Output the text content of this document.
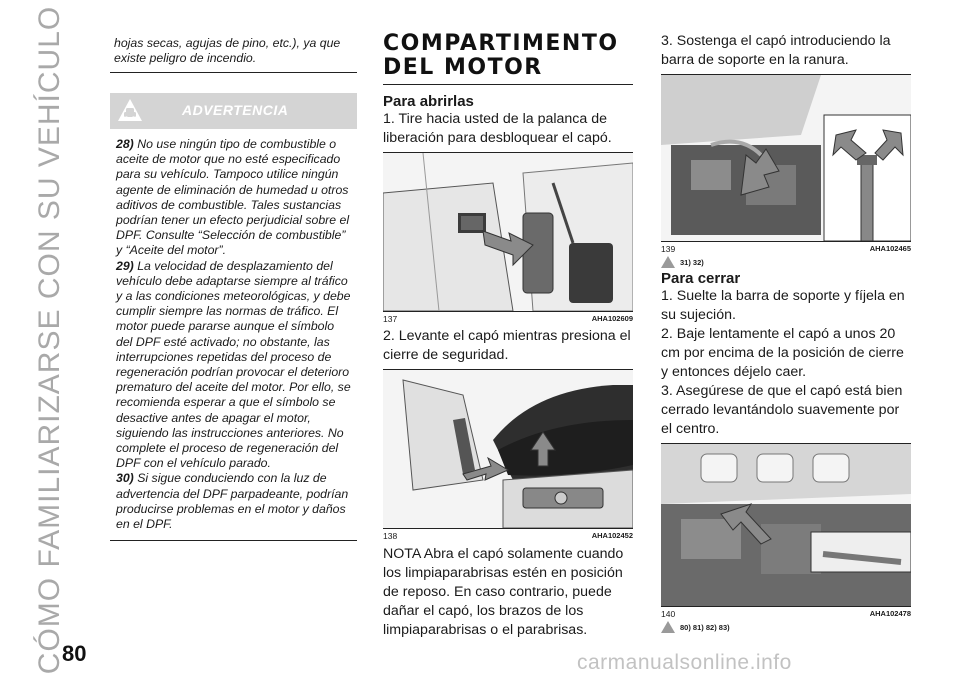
CÓMO FAMILIARIZARSE CON SU VEHÍCULO
80	carmanualsonline.info
hojas secas, agujas de pino, etc.), ya que existe peligro de incendio.
ADVERTENCIA

28) No use ningún tipo de combustible o aceite de motor que no esté especificado para su vehículo. Tampoco utilice ningún agente de eliminación de humedad u otros aditivos de combustible. Tales sustancias podrían tener un efecto perjudicial sobre el DPF. Consulte “Selección de combustible” y “Aceite del motor”.

29) La velocidad de desplazamiento del vehículo debe adaptarse siempre al tráfico y a las condiciones meteorológicas, y debe cumplir siempre las normas de tráfico. El motor puede pararse aunque el símbolo del DPF esté activado; no obstante, las interrupciones repetidas del proceso de regeneración podrían provocar el deterioro prematuro del aceite del motor. Por ello, se recomienda esperar a que el símbolo se desactive antes de apagar el motor, siguiendo las instrucciones anteriores. No complete el proceso de regeneración del DPF con el vehículo parado.

30) Si sigue conduciendo con la luz de advertencia del DPF parpadeante, podrían producirse problemas en el motor y daños en el DPF.

COMPARTIMENTO
DEL MOTOR
Para abrirlas

1. Tire hacia usted de la palanca de liberación para desbloquear el capó.

137	AHA102609

2. Levante el capó mientras presiona el cierre de seguridad.

138	AHA102452

NOTA Abra el capó solamente cuando los limpiaparabrisas estén en posición de reposo. En caso contrario, puede dañar el capó, los brazos de los limpiaparabrisas o el parabrisas.

3. Sostenga el capó introduciendo la barra de soporte en la ranura.

139	AHA102465
31) 32)
Para cerrar

1. Suelte la barra de soporte y fíjela en su sujeción.

2. Baje lentamente el capó a unos 20 cm por encima de la posición de cierre y entonces déjelo caer.

3. Asegúrese de que el capó está bien cerrado levantándolo suavemente por el centro.

140	AHA102478
80) 81) 82) 83)
